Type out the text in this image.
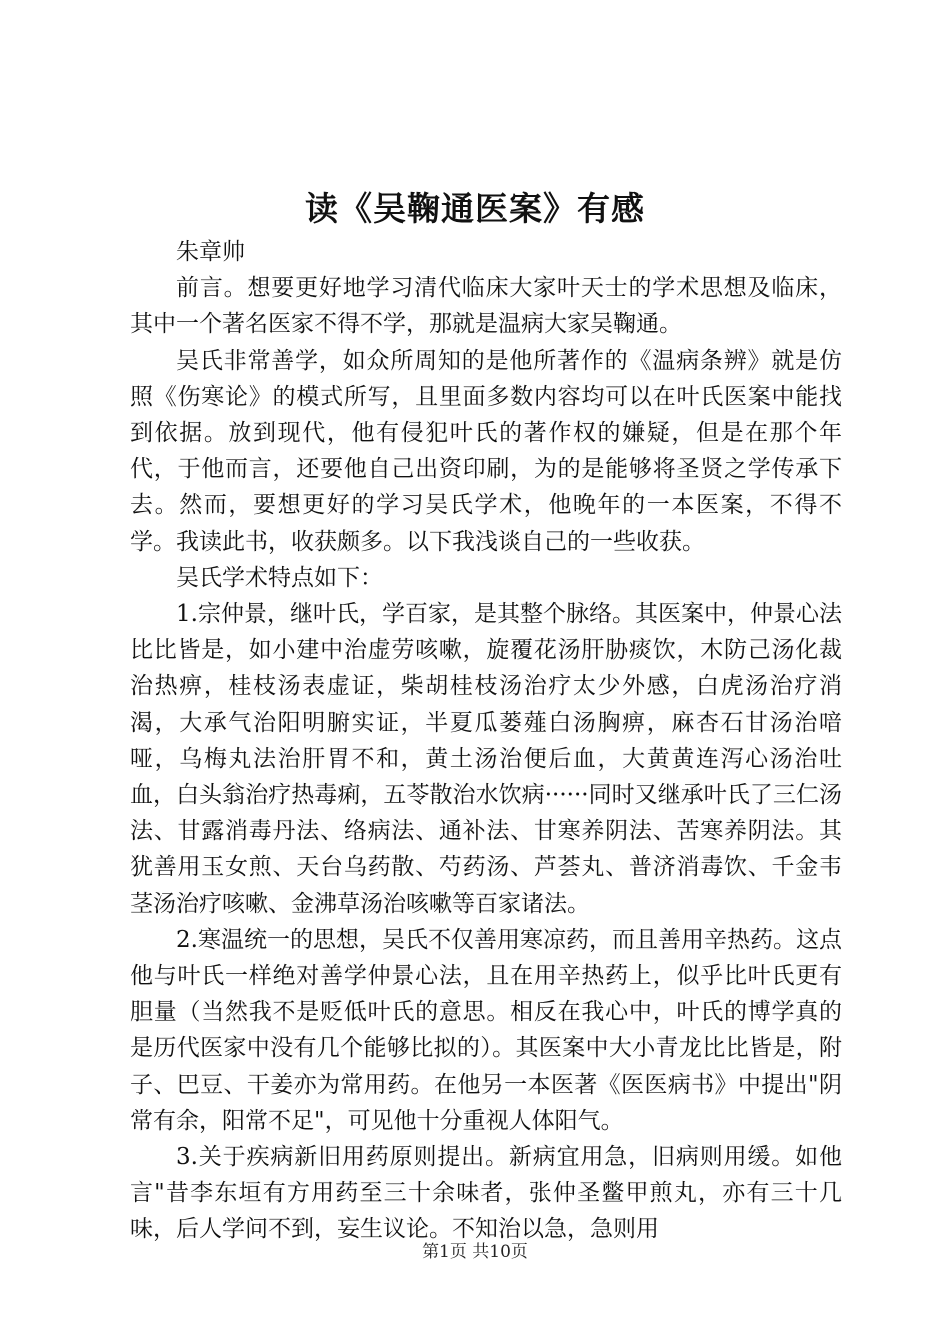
读《吴鞠通医案》有感

朱章帅

前言。想要更好地学习清代临床大家叶天士的学术思想及临床，其中一个著名医家不得不学，那就是温病大家吴鞠通。

吴氏非常善学，如众所周知的是他所著作的《温病条辨》就是仿照《伤寒论》的模式所写，且里面多数内容均可以在叶氏医案中能找到依据。放到现代，他有侵犯叶氏的著作权的嫌疑，但是在那个年代，于他而言，还要他自己出资印刷，为的是能够将圣贤之学传承下去。然而，要想更好的学习吴氏学术，他晚年的一本医案，不得不学。我读此书，收获颇多。以下我浅谈自己的一些收获。

吴氏学术特点如下：

1.宗仲景，继叶氏，学百家，是其整个脉络。其医案中，仲景心法比比皆是，如小建中治虚劳咳嗽，旋覆花汤肝胁痰饮，木防己汤化裁治热痹，桂枝汤表虚证，柴胡桂枝汤治疗太少外感，白虎汤治疗消渴，大承气治阳明腑实证，半夏瓜蒌薤白汤胸痹，麻杏石甘汤治喑哑，乌梅丸法治肝胃不和，黄土汤治便后血，大黄黄连泻心汤治吐血，白头翁治疗热毒痢，五苓散治水饮病······同时又继承叶氏了三仁汤法、甘露消毒丹法、络病法、通补法、甘寒养阴法、苦寒养阴法。其犹善用玉女煎、天台乌药散、芍药汤、芦荟丸、普济消毒饮、千金韦茎汤治疗咳嗽、金沸草汤治咳嗽等百家诸法。

2.寒温统一的思想，吴氏不仅善用寒凉药，而且善用辛热药。这点他与叶氏一样绝对善学仲景心法，且在用辛热药上，似乎比叶氏更有胆量（当然我不是贬低叶氏的意思。相反在我心中，叶氏的博学真的是历代医家中没有几个能够比拟的）。其医案中大小青龙比比皆是，附子、巴豆、干姜亦为常用药。在他另一本医著《医医病书》中提出"阴常有余，阳常不足"，可见他十分重视人体阳气。

3.关于疾病新旧用药原则提出。新病宜用急，旧病则用缓。如他言"昔李东垣有方用药至三十余味者，张仲圣鳖甲煎丸，亦有三十几味，后人学问不到，妄生议论。不知治以急，急则用

第1页 共10页
